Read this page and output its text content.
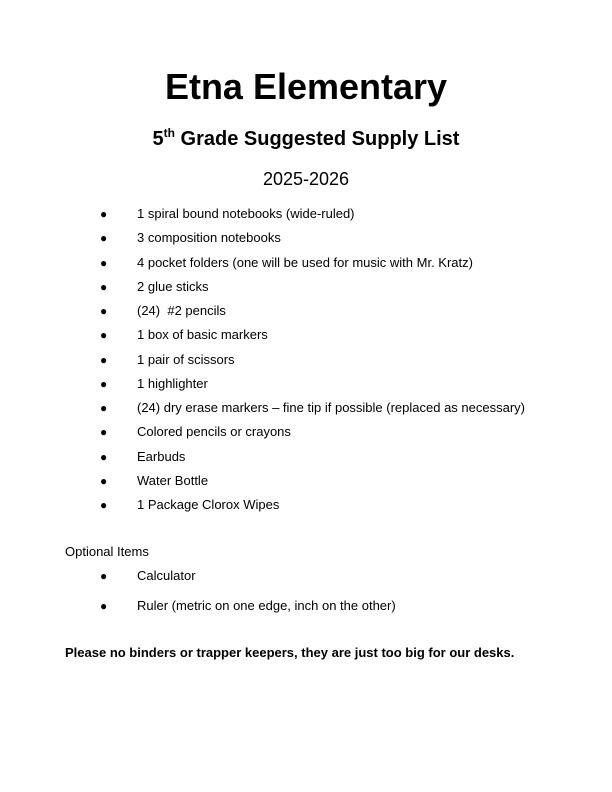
Etna Elementary
5th Grade Suggested Supply List
2025-2026
● 1 spiral bound notebooks (wide-ruled)
● 3 composition notebooks
● 4 pocket folders (one will be used for music with Mr. Kratz)
● 2 glue sticks
● (24)  #2 pencils
● 1 box of basic markers
● 1 pair of scissors
● 1 highlighter
● (24) dry erase markers – fine tip if possible (replaced as necessary)
● Colored pencils or crayons
● Earbuds
● Water Bottle
● 1 Package Clorox Wipes
Optional Items
● Calculator
● Ruler (metric on one edge, inch on the other)
Please no binders or trapper keepers, they are just too big for our desks.
